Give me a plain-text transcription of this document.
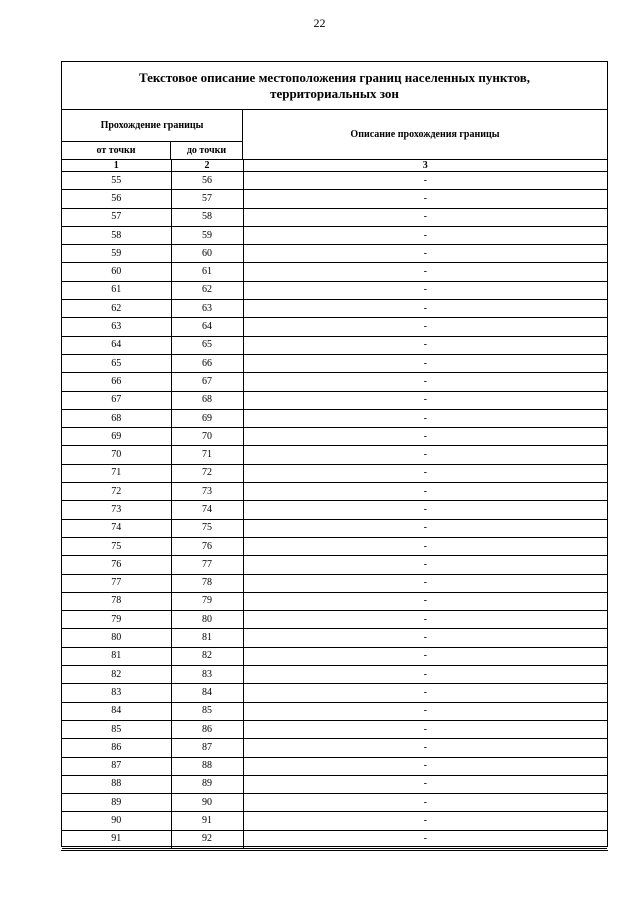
22
Текстовое описание местоположения границ населенных пунктов, территориальных зон
Прохождение границы
от точки	до точки
Описание прохождения границы
1	2	3
55	56	-
56	57	-
57	58	-
58	59	-
59	60	-
60	61	-
61	62	-
62	63	-
63	64	-
64	65	-
65	66	-
66	67	-
67	68	-
68	69	-
69	70	-
70	71	-
71	72	-
72	73	-
73	74	-
74	75	-
75	76	-
76	77	-
77	78	-
78	79	-
79	80	-
80	81	-
81	82	-
82	83	-
83	84	-
84	85	-
85	86	-
86	87	-
87	88	-
88	89	-
89	90	-
90	91	-
91	92	-
